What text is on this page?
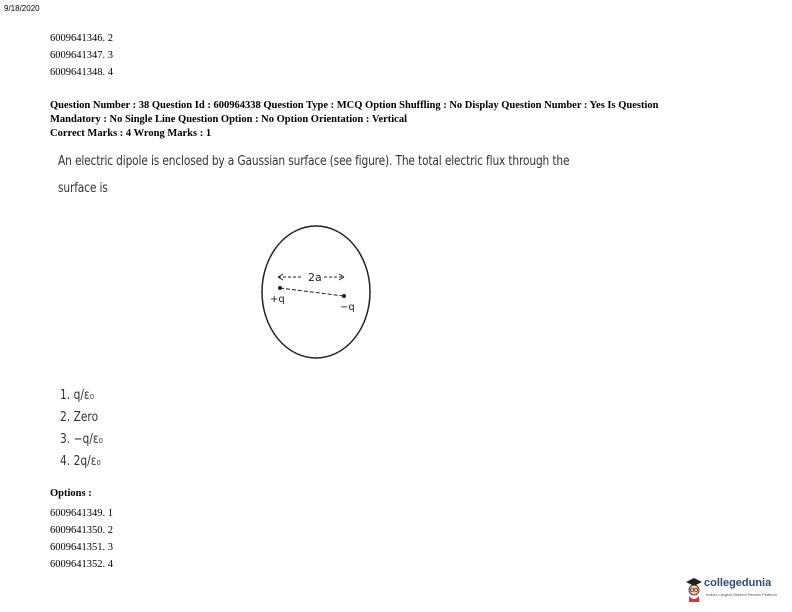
9/18/2020
6009641346. 2
6009641347. 3
6009641348. 4
Question Number : 38 Question Id : 600964338 Question Type : MCQ Option Shuffling : No Display Question Number : Yes Is Question
Mandatory : No Single Line Question Option : No Option Orientation : Vertical
Correct Marks : 4 Wrong Marks : 1
An electric dipole is enclosed by a Gaussian surface (see figure). The total electric flux through the
surface is
2a
+q
−q
1. q/ε₀
2. Zero
3. −q/ε₀
4. 2q/ε₀
Options :
6009641349. 1
6009641350. 2
6009641351. 3
6009641352. 4
collegedunia
India's Largest Student Review Platform
